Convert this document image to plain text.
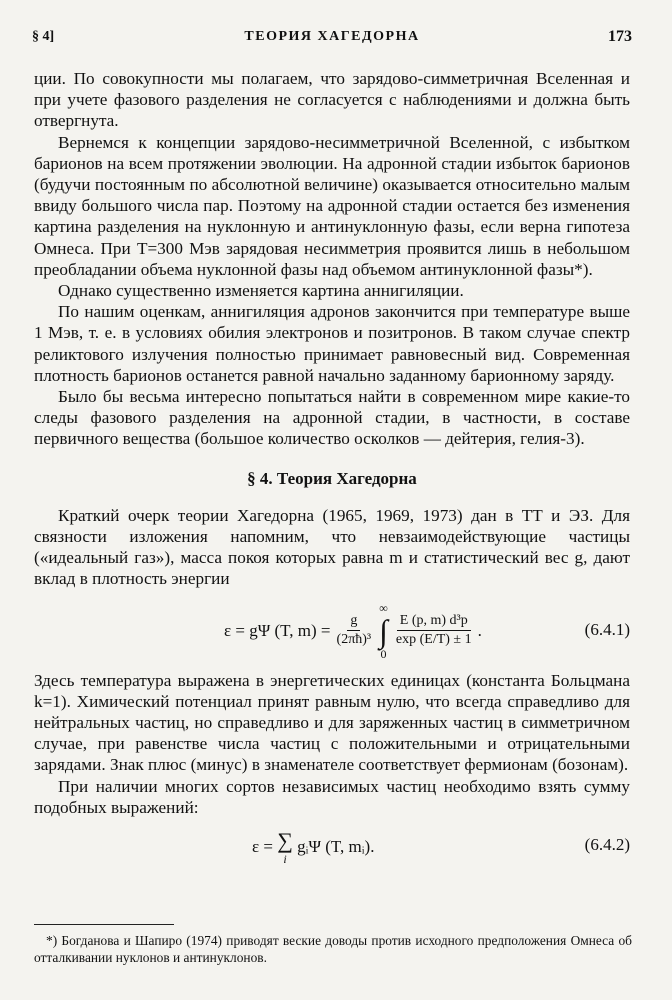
§ 4]	ТЕОРИЯ ХАГЕДОРНА	173

ции. По совокупности мы полагаем, что зарядово-симметричная Вселенная и при учете фазового разделения не согласуется с наблюдениями и должна быть отвергнута.

Вернемся к концепции зарядово-несимметричной Вселенной, с избытком барионов на всем протяжении эволюции. На адронной стадии избыток барионов (будучи постоянным по абсолютной величине) оказывается относительно малым ввиду большого числа пар. Поэтому на адронной стадии остается без изменения картина разделения на нуклонную и антинуклонную фазы, если верна гипотеза Омнеса. При T=300 Мэв зарядовая несимметрия проявится лишь в небольшом преобладании объема нуклонной фазы над объемом антинуклонной фазы*).

Однако существенно изменяется картина аннигиляции.

По нашим оценкам, аннигиляция адронов закончится при температуре выше 1 Мэв, т. е. в условиях обилия электронов и позитронов. В таком случае спектр реликтового излучения полностью принимает равновесный вид. Современная плотность барионов останется равной начально заданному барионному заряду.

Было бы весьма интересно попытаться найти в современном мире какие-то следы фазового разделения на адронной стадии, в частности, в составе первичного вещества (большое количество осколков — дейтерия, гелия-3).

§ 4. Теория Хагедорна

Краткий очерк теории Хагедорна (1965, 1969, 1973) дан в ТТ и ЭЗ. Для связности изложения напомним, что невзаимодействующие частицы («идеальный газ»), масса покоя которых равна m и статистический вес g, дают вклад в плотность энергии

ε = gΨ (T, $m) = \frac{g}{\text{(2πħ)³}}$
∞
∫
0
$\frac{\text{E (p, m) d³p}}{\exp (E/T) \pm 1}$ .	(6.4.1)

Здесь температура выражена в энергетических единицах (константа Больцмана k=1). Химический потенциал принят равным нулю, что всегда справедливо для нейтральных частиц, но справедливо и для заряженных частиц в симметричном случае, при равенстве числа частиц с положительными и отрицательными зарядами. Знак плюс (минус) в знаменателе соответствует фермионам (бозонам).

При наличии многих сортов независимых частиц необходимо взять сумму подобных выражений:

ε = ∑
i
gᵢΨ (T, mᵢ).	(6.4.2)

*) Богданова и Шапиро (1974) приводят веские доводы против исходного предположения Омнеса об отталкивании нуклонов и антинуклонов.
